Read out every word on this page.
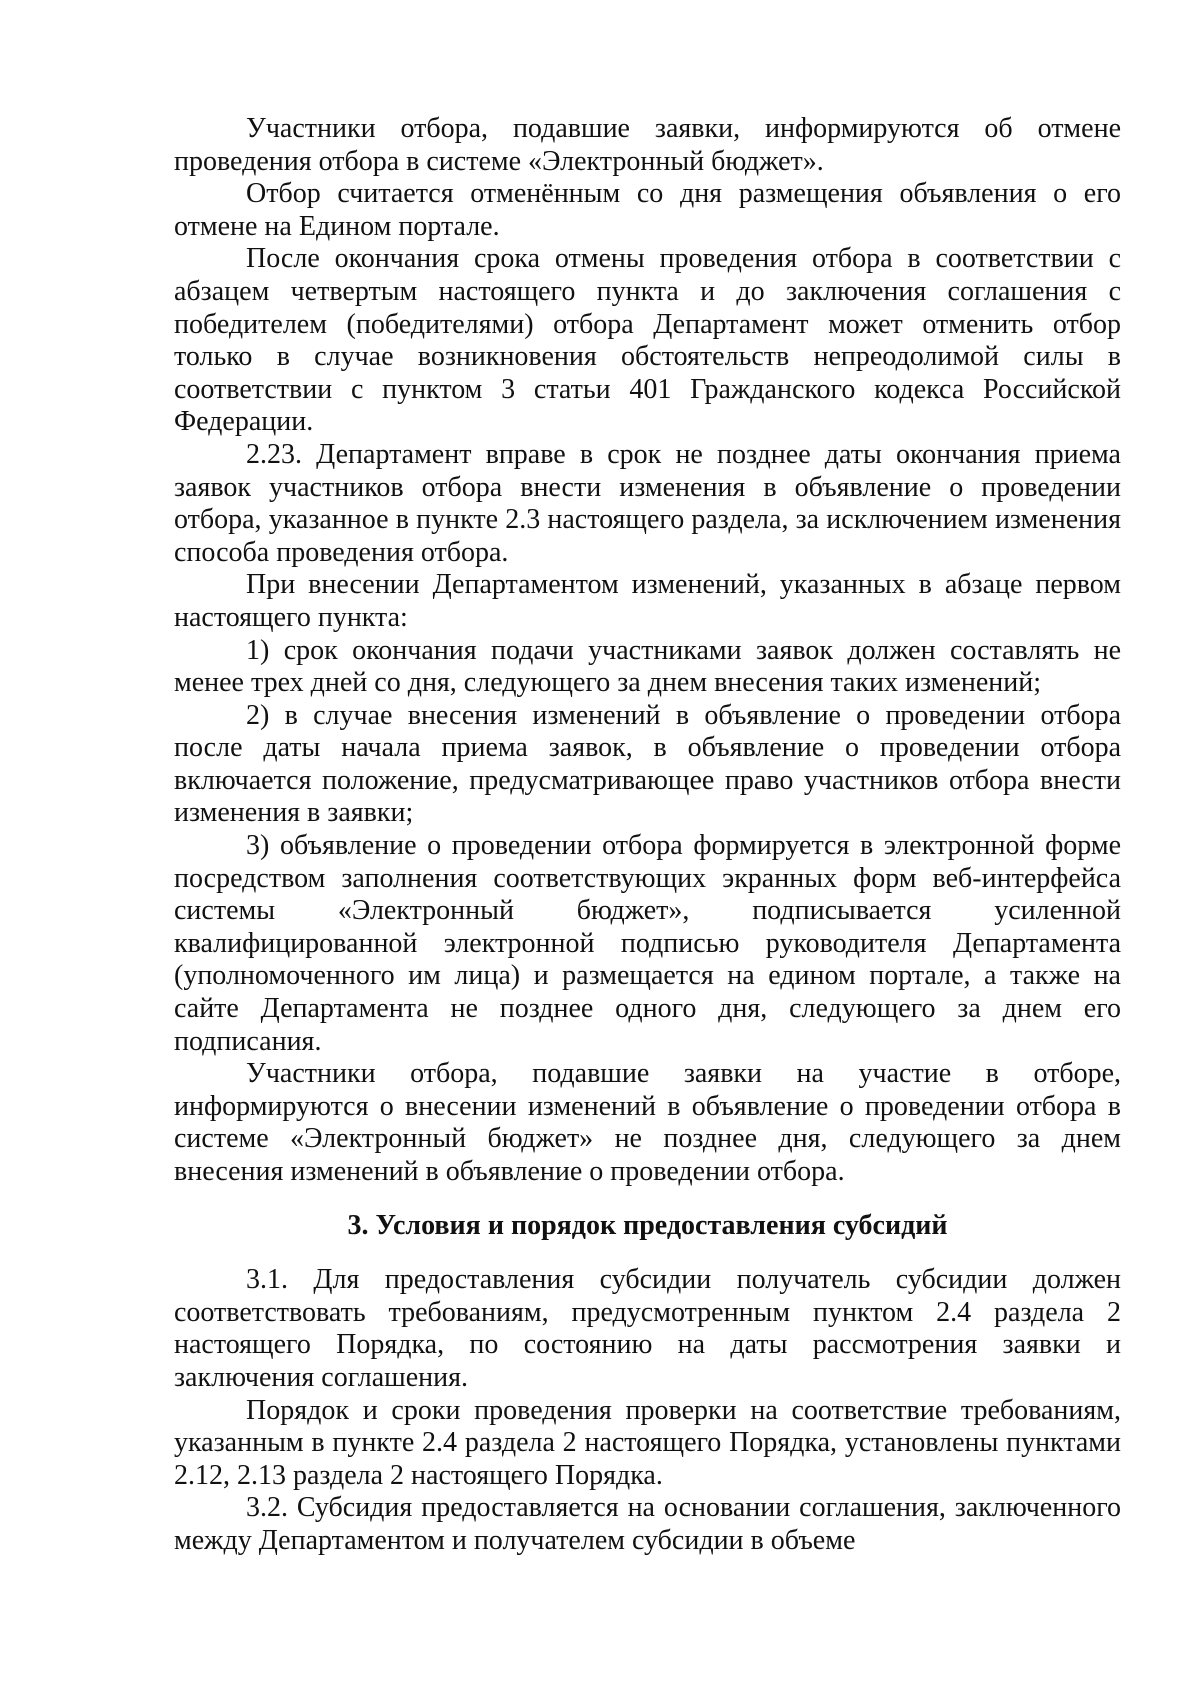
Участники отбора, подавшие заявки, информируются об отмене проведения отбора в системе «Электронный бюджет».

Отбор считается отменённым со дня размещения объявления о его отмене на Едином портале.

После окончания срока отмены проведения отбора в соответствии с абзацем четвертым настоящего пункта и до заключения соглашения с победителем (победителями) отбора Департамент может отменить отбор только в случае возникновения обстоятельств непреодолимой силы в соответствии с пунктом 3 статьи 401 Гражданского кодекса Российской Федерации.

2.23. Департамент вправе в срок не позднее даты окончания приема заявок участников отбора внести изменения в объявление о проведении отбора, указанное в пункте 2.3 настоящего раздела, за исключением изменения способа проведения отбора.

При внесении Департаментом изменений, указанных в абзаце первом настоящего пункта:

1) срок окончания подачи участниками заявок должен составлять не менее трех дней со дня, следующего за днем внесения таких изменений;

2) в случае внесения изменений в объявление о проведении отбора после даты начала приема заявок, в объявление о проведении отбора включается положение, предусматривающее право участников отбора внести изменения в заявки;

3) объявление о проведении отбора формируется в электронной форме посредством заполнения соответствующих экранных форм веб-интерфейса системы «Электронный бюджет», подписывается усиленной квалифицированной электронной подписью руководителя Департамента (уполномоченного им лица) и размещается на едином портале, а также на сайте Департамента не позднее одного дня, следующего за днем его подписания.

Участники отбора, подавшие заявки на участие в отборе, информируются о внесении изменений в объявление о проведении отбора в системе «Электронный бюджет» не позднее дня, следующего за днем внесения изменений в объявление о проведении отбора.

3. Условия и порядок предоставления субсидий

3.1. Для предоставления субсидии получатель субсидии должен соответствовать требованиям, предусмотренным пунктом 2.4 раздела 2 настоящего Порядка, по состоянию на даты рассмотрения заявки и заключения соглашения.

Порядок и сроки проведения проверки на соответствие требованиям, указанным в пункте 2.4 раздела 2 настоящего Порядка, установлены пунктами 2.12, 2.13 раздела 2 настоящего Порядка.

3.2. Субсидия предоставляется на основании соглашения, заключенного между Департаментом и получателем субсидии в объеме
